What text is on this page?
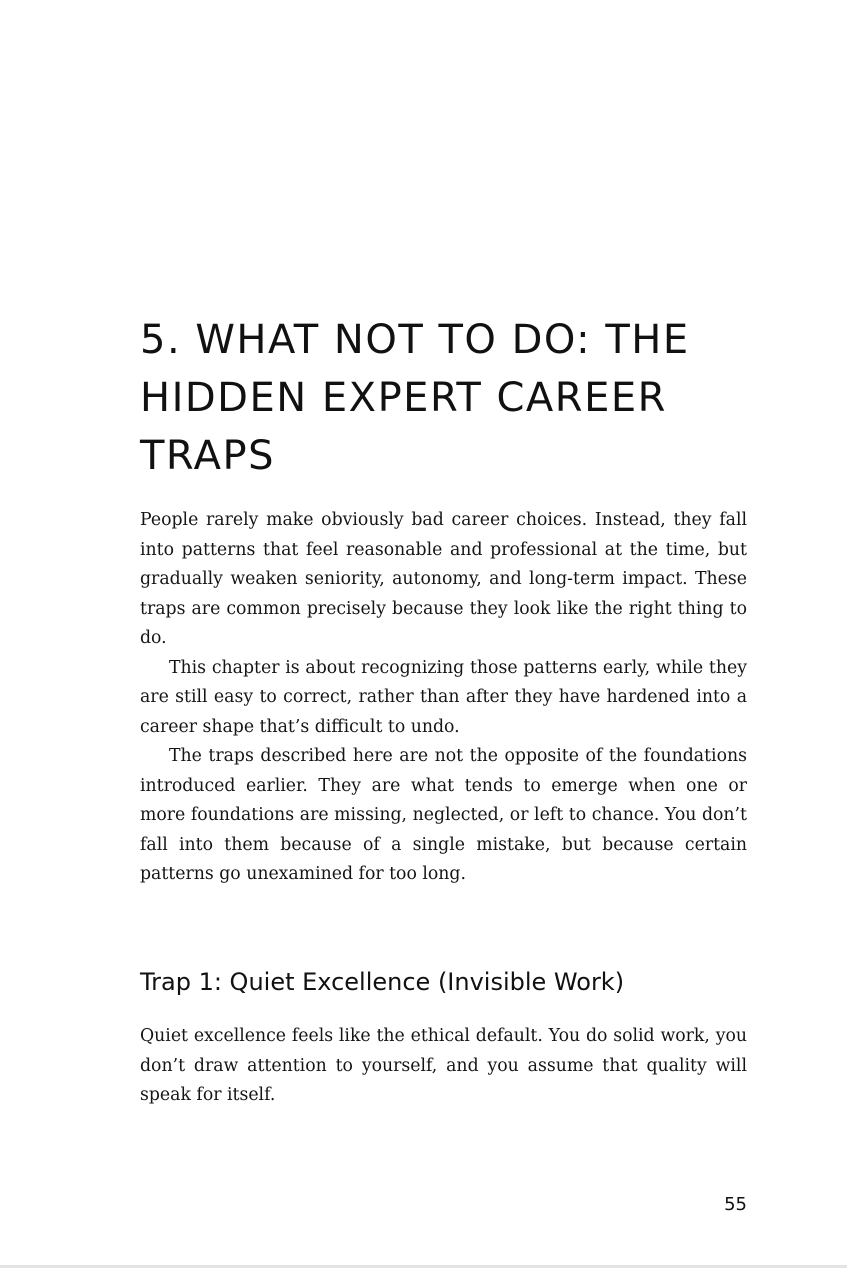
5. WHAT NOT TO DO: THE HIDDEN EXPERT CAREER TRAPS

People rarely make obviously bad career choices. Instead, they fall into patterns that feel reasonable and professional at the time, but gradually weaken seniority, autonomy, and long-term impact. These traps are common precisely because they look like the right thing to do.

This chapter is about recognizing those patterns early, while they are still easy to correct, rather than after they have hardened into a career shape that’s difficult to undo.

The traps described here are not the opposite of the foundations introduced earlier. They are what tends to emerge when one or more foundations are missing, neglected, or left to chance. You don’t fall into them because of a single mistake, but because certain patterns go unexamined for too long.

Trap 1: Quiet Excellence (Invisible Work)

Quiet excellence feels like the ethical default. You do solid work, you don’t draw attention to yourself, and you assume that quality will speak for itself.

55
